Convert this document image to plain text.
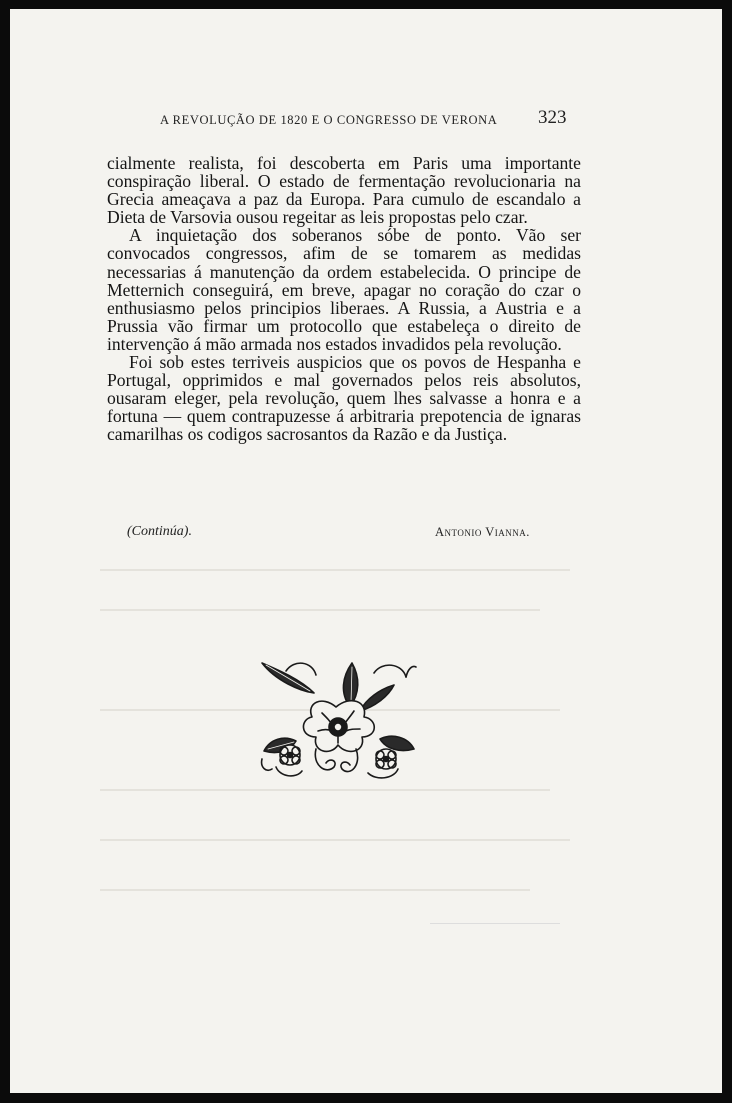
A REVOLUÇÃO DE 1820 E O CONGRESSO DE VERONA	323

cialmente realista, foi descoberta em Paris uma importante conspiração liberal. O estado de fermentação revolucionaria na Grecia ameaçava a paz da Europa. Para cumulo de escandalo a Dieta de Varsovia ousou regeitar as leis propostas pelo czar.

A inquietação dos soberanos sóbe de ponto. Vão ser convocados congressos, afim de se tomarem as medidas necessarias á manutenção da ordem estabelecida. O principe de Metternich conseguirá, em breve, apagar no coração do czar o enthusiasmo pelos principios liberaes. A Russia, a Austria e a Prussia vão firmar um protocollo que estabeleça o direito de intervenção á mão armada nos estados invadidos pela revolução.

Foi sob estes terriveis auspicios que os povos de Hespanha e Portugal, opprimidos e mal governados pelos reis absolutos, ousaram eleger, pela revolução, quem lhes salvasse a honra e a fortuna — quem contrapuzesse á arbitraria prepotencia de ignaras camarilhas os codigos sacrosantos da Razão e da Justiça.

(Continúa).	Antonio Vianna.
